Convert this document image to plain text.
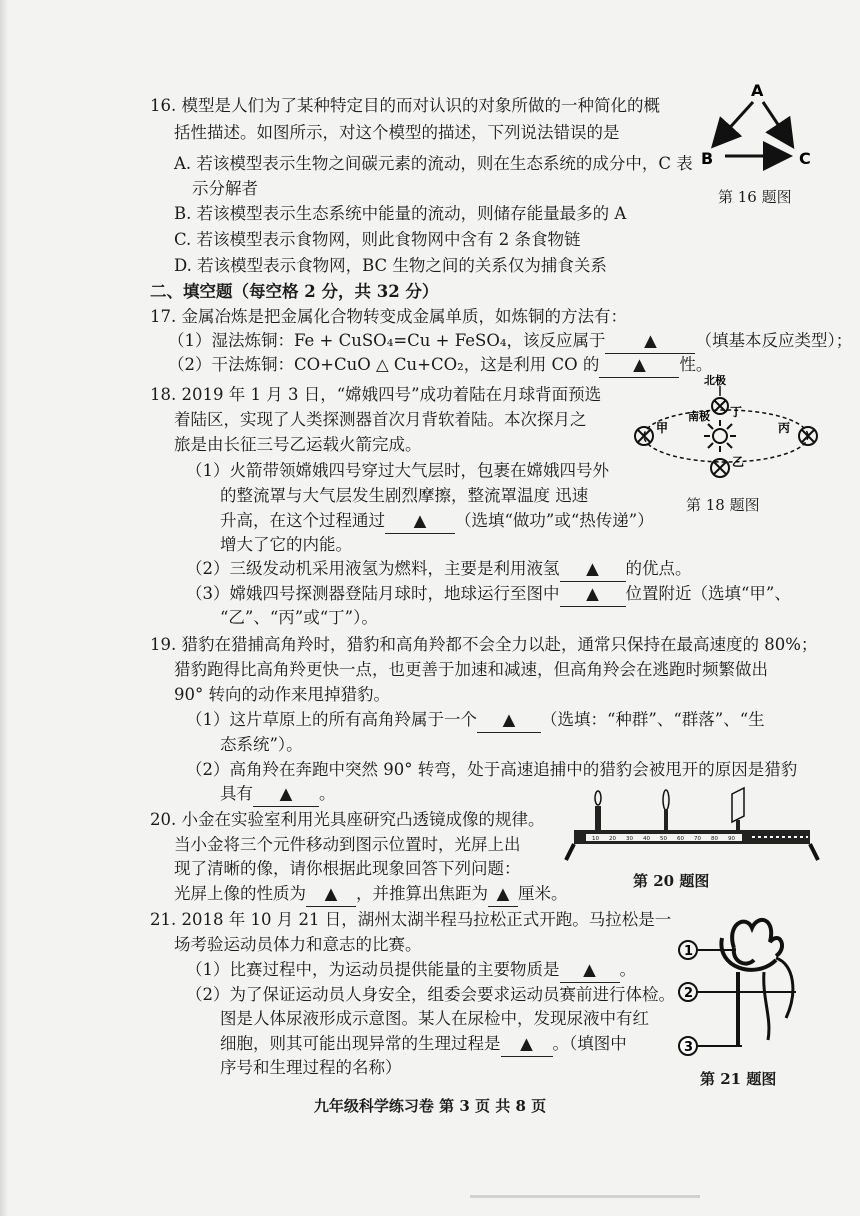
16. 模型是人们为了某种特定目的而对认识的对象所做的一种简化的概
括性描述。如图所示，对这个模型的描述，下列说法错误的是
A. 若该模型表示生物之间碳元素的流动，则在生态系统的成分中，C 表
示分解者
B. 若该模型表示生态系统中能量的流动，则储存能量最多的 A
C. 若该模型表示食物网，则此食物网中含有 2 条食物链
D. 若该模型表示食物网，BC 生物之间的关系仅为捕食关系
A
B	C
第 16 题图
二、填空题（每空格 2 分，共 32 分）
17. 金属冶炼是把金属化合物转变成金属单质，如炼铜的方法有：
（1）湿法炼铜：Fe + CuSO₄=Cu + FeSO₄，该反应属于 ▲ （填基本反应类型）；
（2）干法炼铜：CO+CuO △ Cu+CO₂，这是利用 CO 的 ▲ 性。
18. 2019 年 1 月 3 日，“嫦娥四号”成功着陆在月球背面预选
着陆区，实现了人类探测器首次月背软着陆。本次探月之
旅是由长征三号乙运载火箭完成。
（1）火箭带领嫦娥四号穿过大气层时，包裹在嫦娥四号外
的整流罩与大气层发生剧烈摩擦，整流罩温度 迅速
升高，在这个过程通过 ▲ （选填“做功”或“热传递”）
增大了它的内能。
（2）三级发动机采用液氢为燃料，主要是利用液氢 ▲ 的优点。
（3）嫦娥四号探测器登陆月球时，地球运行至图中 ▲ 位置附近（选填“甲”、
“乙”、“丙”或“丁”）。
北极
南极
甲
乙
丙
丁
第 18 题图
19. 猎豹在猎捕高角羚时，猎豹和高角羚都不会全力以赴，通常只保持在最高速度的 80%；
猎豹跑得比高角羚更快一点，也更善于加速和减速，但高角羚会在逃跑时频繁做出
90° 转向的动作来甩掉猎豹。
（1）这片草原上的所有高角羚属于一个 ▲ （选填：“种群”、“群落”、“生
态系统”）。
（2）高角羚在奔跑中突然 90° 转弯，处于高速追捕中的猎豹会被甩开的原因是猎豹
具有 ▲ 。
20. 小金在实验室利用光具座研究凸透镜成像的规律。
当小金将三个元件移动到图示位置时，光屏上出
现了清晰的像，请你根据此现象回答下列问题：
光屏上像的性质为 ▲ ，并推算出焦距为 ▲ 厘米。
10 20 30 40 50 60 70 80 90
第 20 题图
21. 2018 年 10 月 21 日，湖州太湖半程马拉松正式开跑。马拉松是一
场考验运动员体力和意志的比赛。
（1）比赛过程中，为运动员提供能量的主要物质是 ▲ 。
（2）为了保证运动员人身安全，组委会要求运动员赛前进行体检。
图是人体尿液形成示意图。某人在尿检中，发现尿液中有红
细胞，则其可能出现异常的生理过程是 ▲ 。（填图中
序号和生理过程的名称）
1
2
3
第 21 题图
九年级科学练习卷 第 3 页 共 8 页
